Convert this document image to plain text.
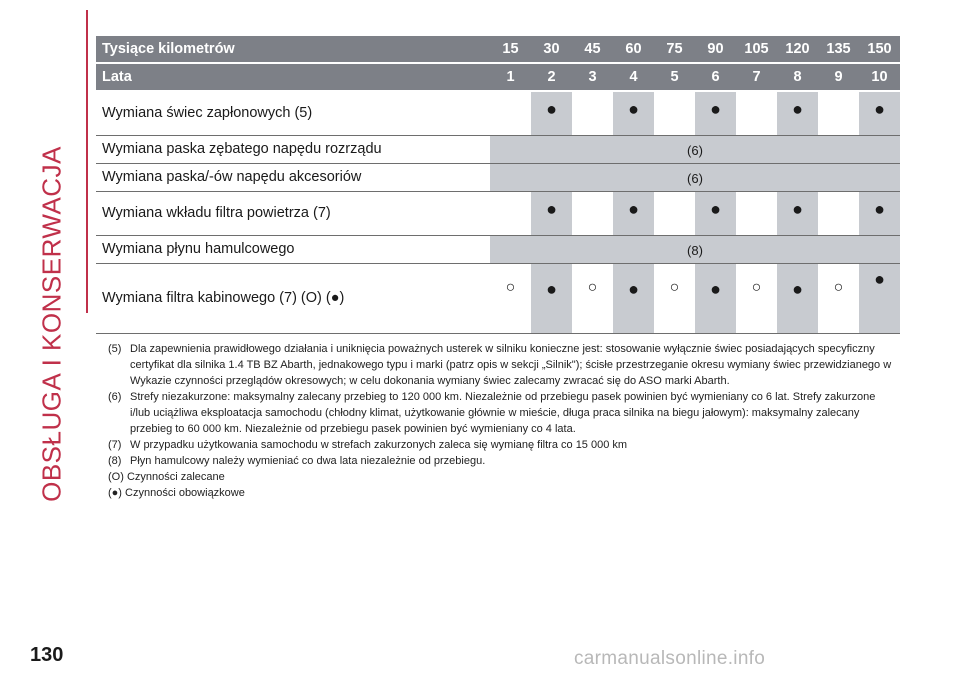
OBSŁUGA I KONSERWACJA
Tysiące kilometrów	15	30	45	60	75	90	105	120	135	150
Lata	1	2	3	4	5	6	7	8	9	10
Wymiana świec zapłonowych (5)		●		●		●		●		●
Wymiana paska zębatego napędu rozrządu	(6)									
Wymiana paska/-ów napędu akcesoriów	(6)									
Wymiana wkładu filtra powietrza (7)		●		●		●		●		●
Wymiana płynu hamulcowego	(8)									
Wymiana filtra kabinowego (7) (O) (●)	○	●	○	●	○	●	○	●	○	●
(5) Dla zapewnienia prawidłowego działania i uniknięcia poważnych usterek w silniku konieczne jest: stosowanie wyłącznie świec posiadających specyficzny certyfikat dla silnika 1.4 TB BZ Abarth, jednakowego typu i marki (patrz opis w sekcji „Silnik"); ścisłe przestrzeganie okresu wymiany świec przewidzianego w Wykazie czynności przeglądów okresowych; w celu dokonania wymiany świec zalecamy zwracać się do ASO marki Abarth.
(6) Strefy niezakurzone: maksymalny zalecany przebieg to 120 000 km. Niezależnie od przebiegu pasek powinien być wymieniany co 6 lat. Strefy zakurzone i/lub uciążliwa eksploatacja samochodu (chłodny klimat, użytkowanie głównie w mieście, długa praca silnika na biegu jałowym): maksymalny zalecany przebieg to 60 000 km. Niezależnie od przebiegu pasek powinien być wymieniany co 4 lata.
(7) W przypadku użytkowania samochodu w strefach zakurzonych zaleca się wymianę filtra co 15 000 km
(8) Płyn hamulcowy należy wymieniać co dwa lata niezależnie od przebiegu.
(O) Czynności zalecane
(●) Czynności obowiązkowe
130	carmanualsonline.info
